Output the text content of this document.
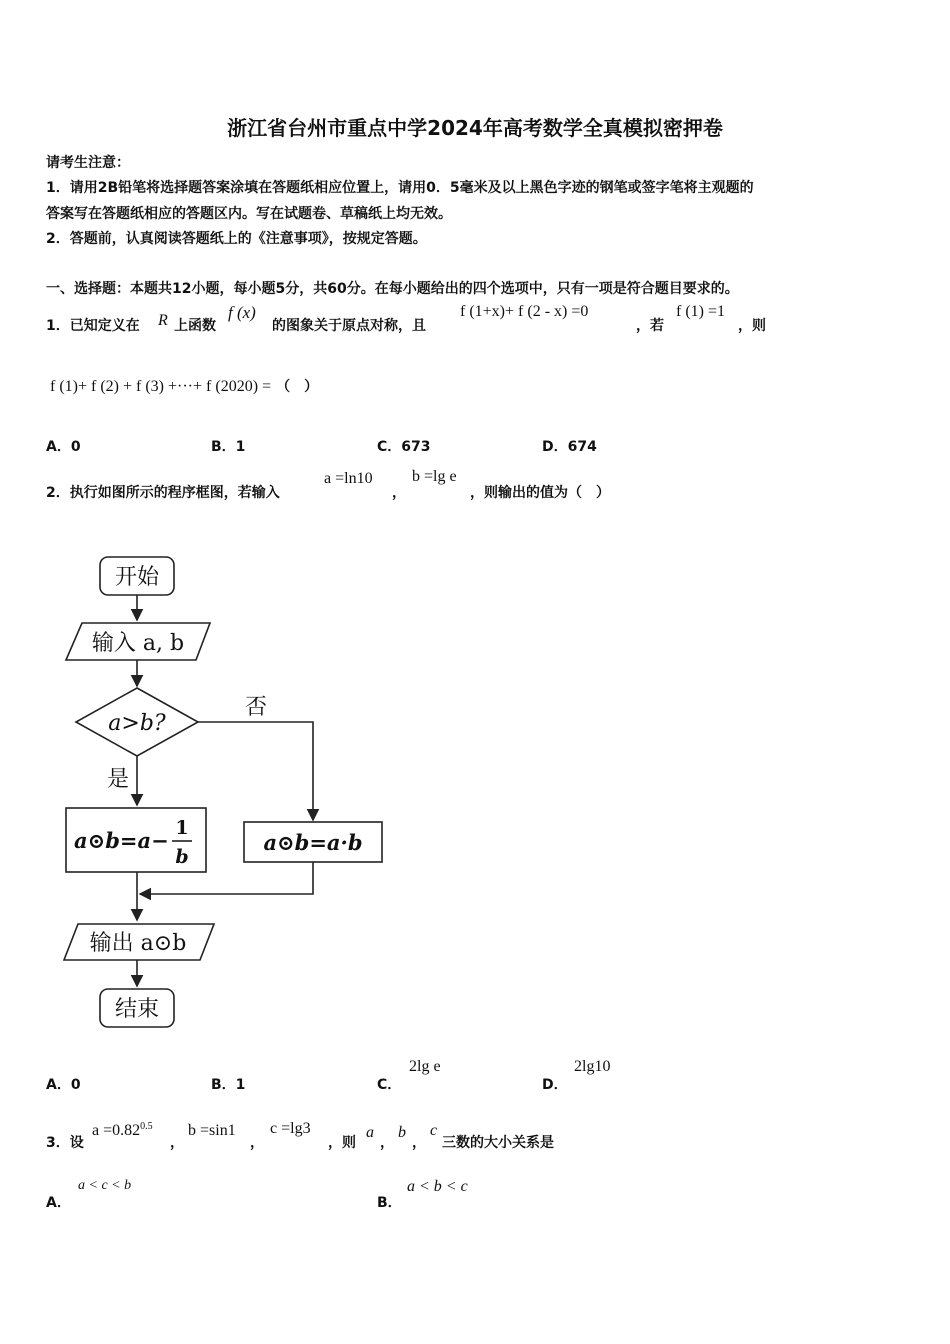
浙江省台州市重点中学2024年高考数学全真模拟密押卷
请考生注意：
1．请用2B铅笔将选择题答案涂填在答题纸相应位置上，请用0．5毫米及以上黑色字迹的钢笔或签字笔将主观题的
答案写在答题纸相应的答题区内。写在试题卷、草稿纸上均无效。
2．答题前，认真阅读答题纸上的《注意事项》，按规定答题。
一、选择题：本题共12小题，每小题5分，共60分。在每小题给出的四个选项中，只有一项是符合题目要求的。
1．已知定义在 R 上函数
f (x)
的图象关于原点对称，且
f (1+x)+ f (2 - x) =0
，若
f (1) =1
，则
f (1)+ f (2) + f (3) +···+ f (2020) = （　）
A．0	B．1	C．673	D．674
2．执行如图所示的程序框图，若输入
a =ln10
，
b =lg e
，则输出的值为（　）
开始
输入 a, b
a>b?
否
是
a⊙b=a− 1
b
a⊙b=a·b
输出 a⊙b
结束
A．0	B．1	C．
2lg e
D．
2lg10
3．设
$a =0.82^{0.5}$
，
b =sin1
，
c =lg3
，则
a
，
b
，
c
三数的大小关系是
A．
a < c < b
B．
a < b < c
